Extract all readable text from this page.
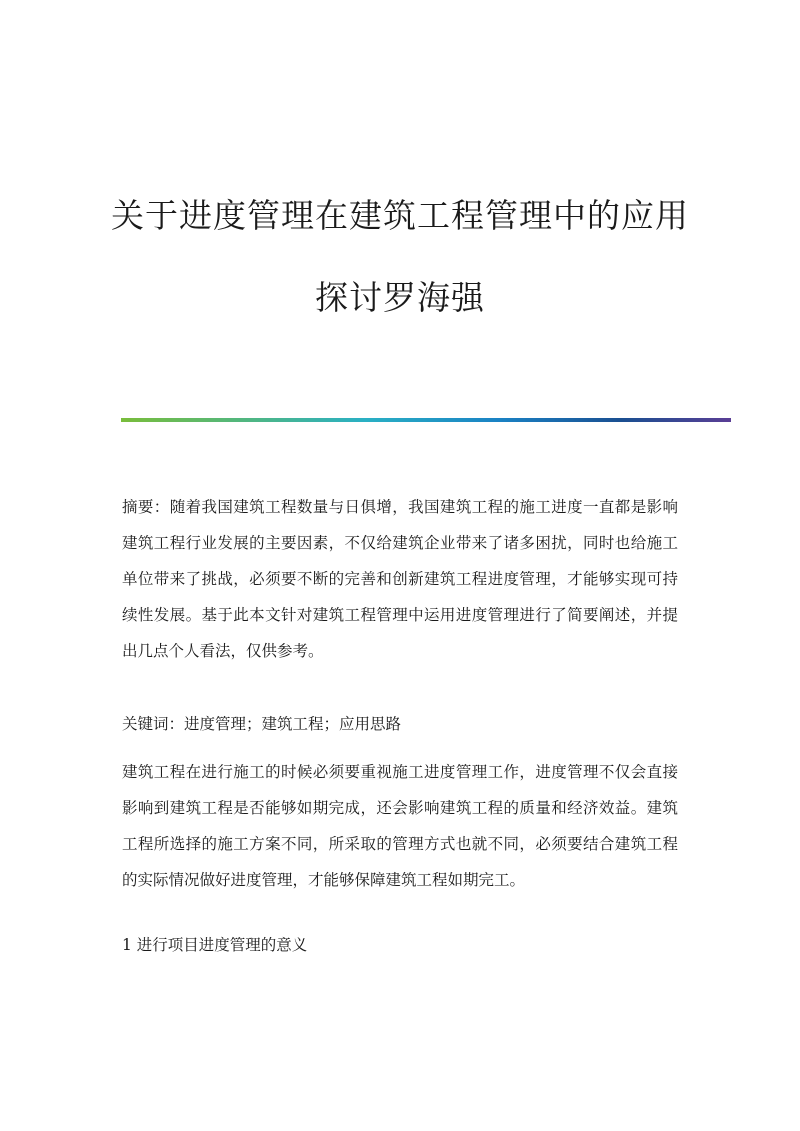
关于进度管理在建筑工程管理中的应用
探讨罗海强

摘要：随着我国建筑工程数量与日俱增，我国建筑工程的施工进度一直都是影响建筑工程行业发展的主要因素，不仅给建筑企业带来了诸多困扰，同时也给施工单位带来了挑战，必须要不断的完善和创新建筑工程进度管理，才能够实现可持续性发展。基于此本文针对建筑工程管理中运用进度管理进行了简要阐述，并提出几点个人看法，仅供参考。

关键词：进度管理；建筑工程；应用思路

建筑工程在进行施工的时候必须要重视施工进度管理工作，进度管理不仅会直接影响到建筑工程是否能够如期完成，还会影响建筑工程的质量和经济效益。建筑工程所选择的施工方案不同，所采取的管理方式也就不同，必须要结合建筑工程的实际情况做好进度管理，才能够保障建筑工程如期完工。

1 进行项目进度管理的意义
